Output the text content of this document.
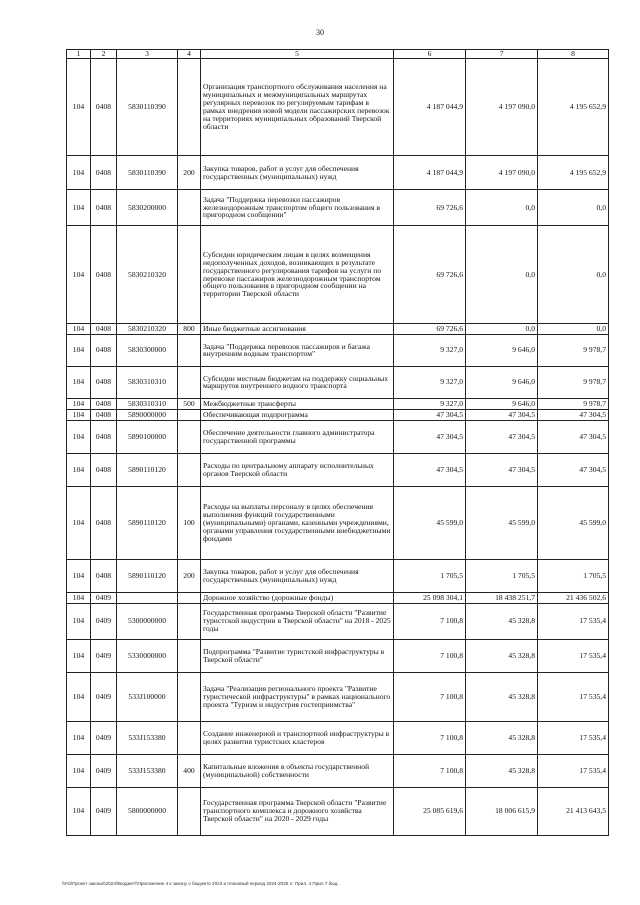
30
1	2	3	4	5	6	7	8
104	0408	5830110390		Организация транспортного обслуживания населения на муниципальных и межмуниципальных маршрутах регулярных перевозок по регулируемым тарифам в рамках внедрения новой модели пассажирских перевозок на территориях муниципальных образований Тверской области	4 187 044,9	4 197 090,0	4 195 652,9
104	0408	5830110390	200	Закупка товаров, работ и услуг для обеспечения государственных (муниципальных) нужд	4 187 044,9	4 197 090,0	4 195 652,9
104	0408	5830200000		Задача "Поддержка перевозки пассажиров железнодорожным транспортом общего пользования в пригородном сообщении"	69 726,6	0,0	0,0
104	0408	5830210320		Субсидии юридическим лицам в целях возмещения недополученных доходов, возникающих в результате государственного регулирования тарифов на услуги по перевозке пассажиров железнодорожным транспортом общего пользования в пригородном сообщении на территории Тверской области	69 726,6	0,0	0,0
104	0408	5830210320	800	Иные бюджетные ассигнования	69 726,6	0,0	0,0
104	0408	5830300000		Задача "Поддержка перевозок пассажиров и багажа внутренним водным транспортом"	9 327,0	9 646,0	9 978,7
104	0408	5830310310		Субсидии местным бюджетам на поддержку социальных маршрутов внутреннего водного транспорта	9 327,0	9 646,0	9 978,7
104	0408	5830310310	500	Межбюджетные трансферты	9 327,0	9 646,0	9 978,7
104	0408	5890000000		Обеспечивающая подпрограмма	47 304,5	47 304,5	47 304,5
104	0408	5890100000		Обеспечение деятельности главного администратора государственной программы	47 304,5	47 304,5	47 304,5
104	0408	5890110120		Расходы по центральному аппарату исполнительных органов Тверской области	47 304,5	47 304,5	47 304,5
104	0408	5890110120	100	Расходы на выплаты персоналу в целях обеспечения выполнения функций государственными (муниципальными) органами, казенными учреждениями, органами управления государственными внебюджетными фондами	45 599,0	45 599,0	45 599,0
104	0408	5890110120	200	Закупка товаров, работ и услуг для обеспечения государственных (муниципальных) нужд	1 705,5	1 705,5	1 705,5
104	0409			Дорожное хозяйство (дорожные фонды)	25 098 304,1	18 438 251,7	21 436 502,6
104	0409	5300000000		Государственная программа Тверской области "Развитие туристской индустрии в Тверской области" на 2018 - 2025 годы	7 100,8	45 328,8	17 535,4
104	0409	5330000000		Подпрограмма "Развитие туристской инфраструктуры в Тверской области"	7 100,8	45 328,8	17 535,4
104	0409	533J100000		Задача "Реализация регионального проекта "Развитие туристической инфраструктуры" в рамках национального проекта "Туризм и индустрия гостеприимства"	7 100,8	45 328,8	17 535,4
104	0409	533J153380		Создание инженерной и транспортной инфраструктуры в целях развития туристских кластеров	7 100,8	45 328,8	17 535,4
104	0409	533J153380	400	Капитальные вложения в объекты государственной (муниципальной) собственности	7 100,8	45 328,8	17 535,4
104	0409	5800000000		Государственная программа Тверской области "Развитие транспортного комплекса и дорожного хозяйства Тверской области" на 2020 - 2029 годы	25 085 619,6	18 006 615,9	21 413 643,5
\\Fs\\Проект закона\\2023\\Бюджет\\Приложение 4 к закону о бюджете 2023 и плановый период 2024-2025 гг. Прил. 4 Прил 7 бюд.
